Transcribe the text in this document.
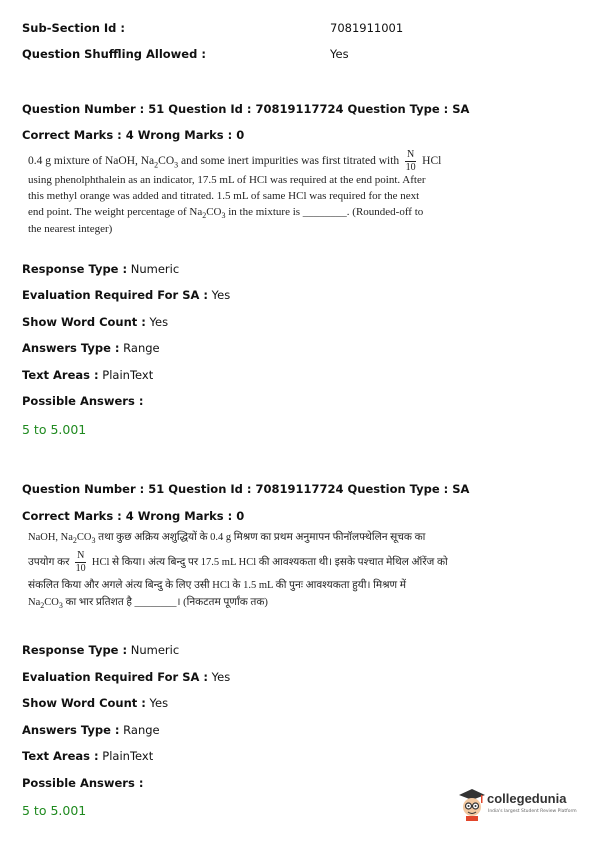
Sub-Section Id :	7081911001
Question Shuffling Allowed :	Yes
Question Number : 51 Question Id : 70819117724 Question Type : SA
Correct Marks : 4 Wrong Marks : 0
0.4 g mixture of NaOH, $Na_2CO_3$ and some inert impurities was first titrated with $\frac{N}{10}$ HCl
using phenolphthalein as an indicator, 17.5 mL of HCl was required at the end point. After
this methyl orange was added and titrated. 1.5 mL of same HCl was required for the next
end point. The weight percentage of $Na_2CO_3$ in the mixture is ________. (Rounded-off to
the nearest integer)
Response Type : Numeric
Evaluation Required For SA : Yes
Show Word Count : Yes
Answers Type : Range
Text Areas : PlainText
Possible Answers :
5 to 5.001
Question Number : 51 Question Id : 70819117724 Question Type : SA
Correct Marks : 4 Wrong Marks : 0
NaOH, $Na_2CO_3$ तथा कुछ अक्रिय अशुद्धियों के 0.4 g मिश्रण का प्रथम अनुमापन फीनॉलफ्थेलिन सूचक का
उपयोग कर $\frac{N}{10}$ HCl से किया। अंत्य बिन्दु पर 17.5 mL HCl की आवश्यकता थी। इसके पश्चात मेथिल ऑरेंज को
संकलित किया और अगले अंत्य बिन्दु के लिए उसी HCl के 1.5 mL की पुनः आवश्यकता हुयी। मिश्रण में
$Na_2CO_3$ का भार प्रतिशत है ________। (निकटतम पूर्णांक तक)
Response Type : Numeric
Evaluation Required For SA : Yes
Show Word Count : Yes
Answers Type : Range
Text Areas : PlainText
Possible Answers :
5 to 5.001
collegedunia
India's largest Student Review Platform
